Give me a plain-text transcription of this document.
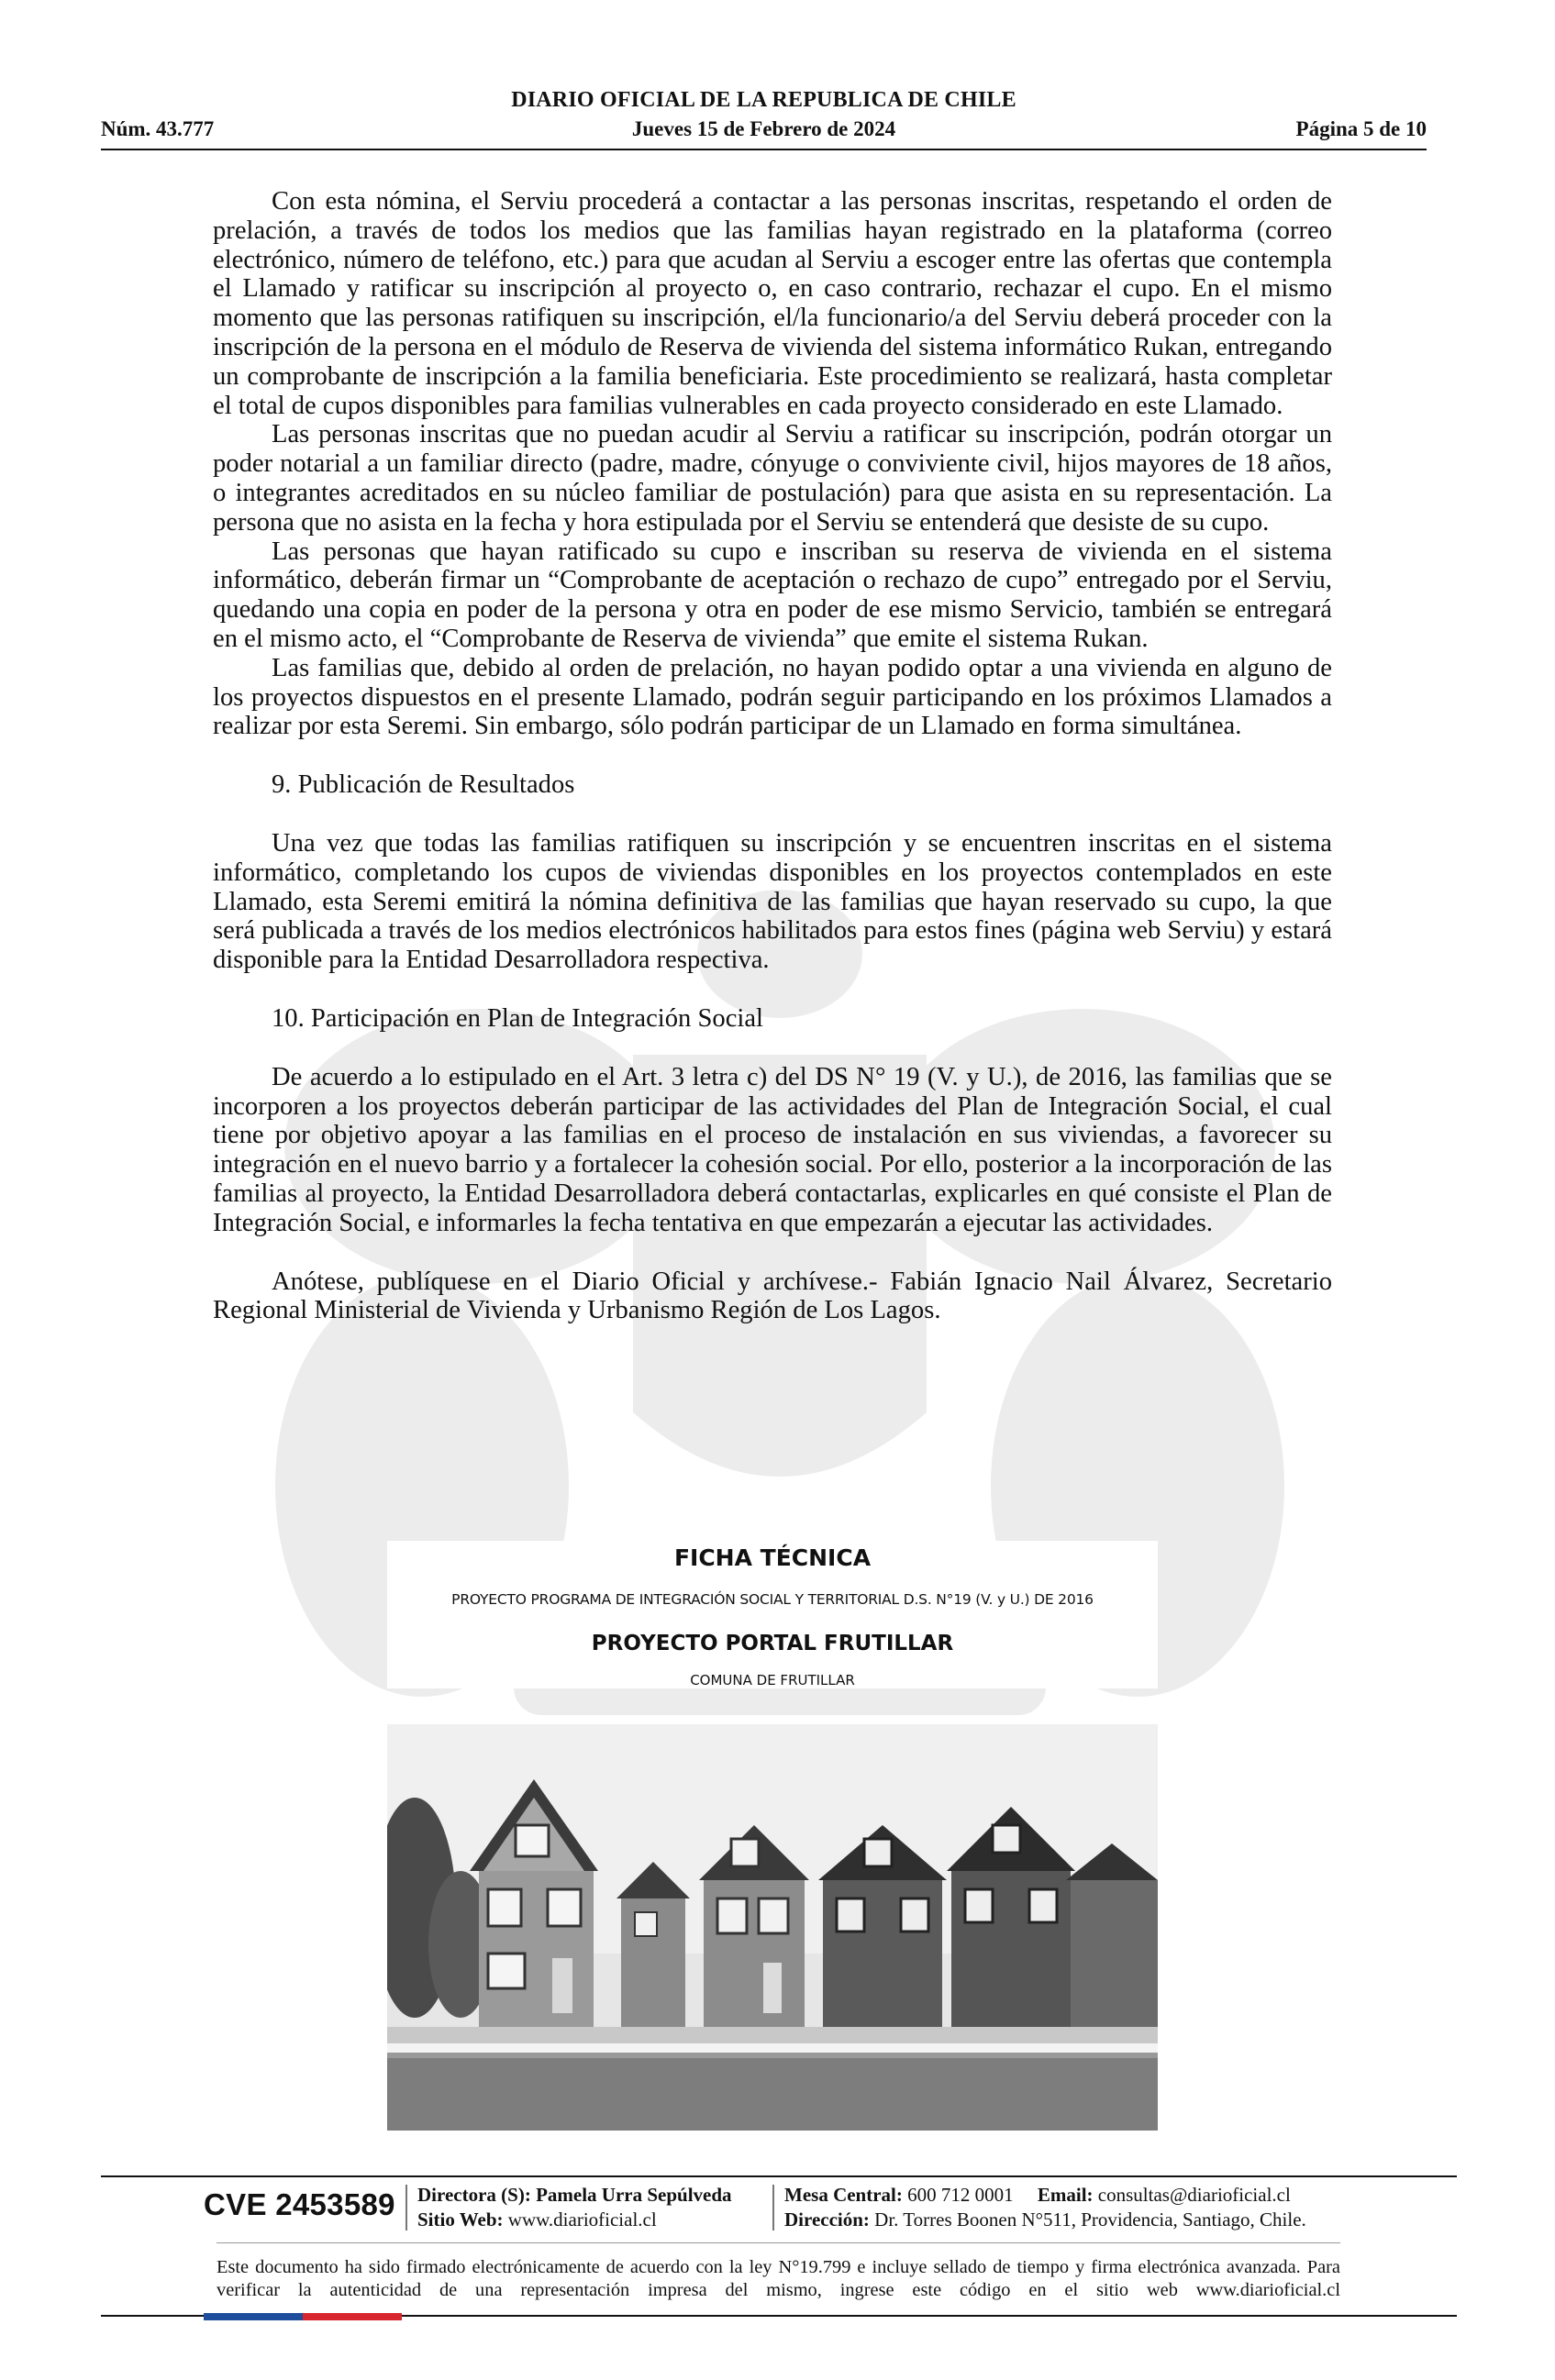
DIARIO OFICIAL DE LA REPUBLICA DE CHILE
Núm. 43.777	Jueves 15 de Febrero de 2024	Página 5 de 10

Con esta nómina, el Serviu procederá a contactar a las personas inscritas, respetando el orden de prelación, a través de todos los medios que las familias hayan registrado en la plataforma (correo electrónico, número de teléfono, etc.) para que acudan al Serviu a escoger entre las ofertas que contempla el Llamado y ratificar su inscripción al proyecto o, en caso contrario, rechazar el cupo. En el mismo momento que las personas ratifiquen su inscripción, el/la funcionario/a del Serviu deberá proceder con la inscripción de la persona en el módulo de Reserva de vivienda del sistema informático Rukan, entregando un comprobante de inscripción a la familia beneficiaria. Este procedimiento se realizará, hasta completar el total de cupos disponibles para familias vulnerables en cada proyecto considerado en este Llamado.

Las personas inscritas que no puedan acudir al Serviu a ratificar su inscripción, podrán otorgar un poder notarial a un familiar directo (padre, madre, cónyuge o conviviente civil, hijos mayores de 18 años, o integrantes acreditados en su núcleo familiar de postulación) para que asista en su representación. La persona que no asista en la fecha y hora estipulada por el Serviu se entenderá que desiste de su cupo.

Las personas que hayan ratificado su cupo e inscriban su reserva de vivienda en el sistema informático, deberán firmar un “Comprobante de aceptación o rechazo de cupo” entregado por el Serviu, quedando una copia en poder de la persona y otra en poder de ese mismo Servicio, también se entregará en el mismo acto, el “Comprobante de Reserva de vivienda” que emite el sistema Rukan.

Las familias que, debido al orden de prelación, no hayan podido optar a una vivienda en alguno de los proyectos dispuestos en el presente Llamado, podrán seguir participando en los próximos Llamados a realizar por esta Seremi. Sin embargo, sólo podrán participar de un Llamado en forma simultánea.

9. Publicación de Resultados

Una vez que todas las familias ratifiquen su inscripción y se encuentren inscritas en el sistema informático, completando los cupos de viviendas disponibles en los proyectos contemplados en este Llamado, esta Seremi emitirá la nómina definitiva de las familias que hayan reservado su cupo, la que será publicada a través de los medios electrónicos habilitados para estos fines (página web Serviu) y estará disponible para la Entidad Desarrolladora respectiva.

10. Participación en Plan de Integración Social

De acuerdo a lo estipulado en el Art. 3 letra c) del DS N° 19 (V. y U.), de 2016, las familias que se incorporen a los proyectos deberán participar de las actividades del Plan de Integración Social, el cual tiene por objetivo apoyar a las familias en el proceso de instalación en sus viviendas, a favorecer su integración en el nuevo barrio y a fortalecer la cohesión social. Por ello, posterior a la incorporación de las familias al proyecto, la Entidad Desarrolladora deberá contactarlas, explicarles en qué consiste el Plan de Integración Social, e informarles la fecha tentativa en que empezarán a ejecutar las actividades.

Anótese, publíquese en el Diario Oficial y archívese.- Fabián Ignacio Nail Álvarez, Secretario Regional Ministerial de Vivienda y Urbanismo Región de Los Lagos.

FICHA TÉCNICA
PROYECTO PROGRAMA DE INTEGRACIÓN SOCIAL Y TERRITORIAL D.S. N°19 (V. y U.) DE 2016
PROYECTO PORTAL FRUTILLAR
COMUNA DE FRUTILLAR
CVE 2453589 Directora (S): Pamela Urra Sepúlveda
Sitio Web: www.diarioficial.cl
Mesa Central: 600 712 0001 Email: consultas@diarioficial.cl
Dirección: Dr. Torres Boonen N°511, Providencia, Santiago, Chile.
Este documento ha sido firmado electrónicamente de acuerdo con la ley N°19.799 e incluye sellado de tiempo y firma electrónica avanzada. Para verificar la autenticidad de una representación impresa del mismo, ingrese este código en el sitio web www.diarioficial.cl
